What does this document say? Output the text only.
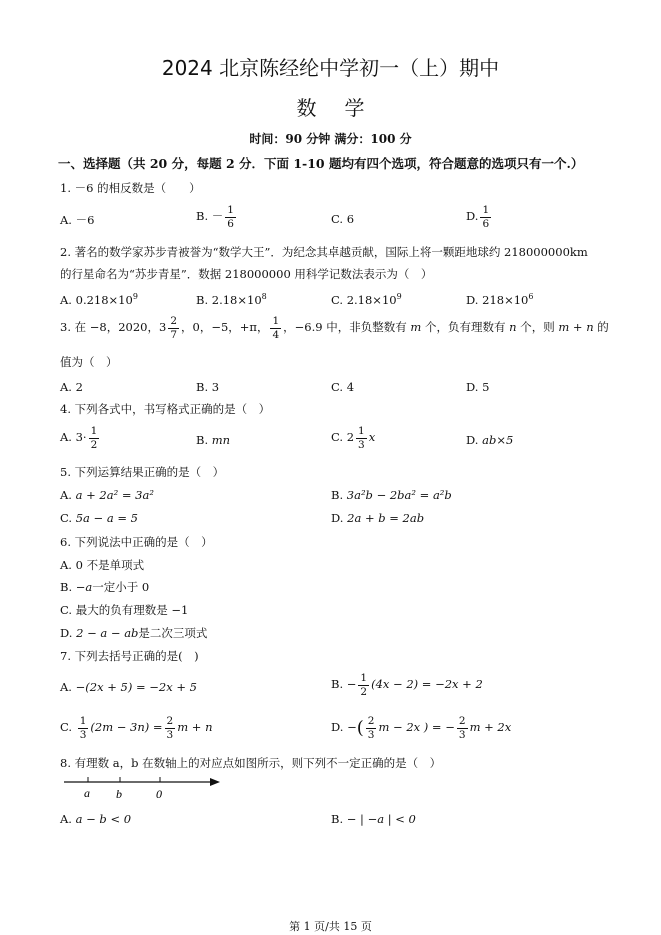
2024 北京陈经纶中学初一（上）期中
数学
时间：90 分钟 满分：100 分
一、选择题（共 20 分，每题 2 分．下面 1-10 题均有四个选项，符合题意的选项只有一个.）
1. －6 的相反数是（　　）
A. －6	B. － $\frac{1}{6}$	C. 6	D. $\frac{1}{6}$
2. 著名的数学家苏步青被誉为“数学大王”．为纪念其卓越贡献，国际上将一颗距地球约 218000000km
的行星命名为“苏步青星”．数据 218000000 用科学记数法表示为（　）
A. $0.218\times 10^9$	B. $2.18\times 10^8$	C. $2.18\times 10^9$	D. $218\times 10^6$
3. 在 −8，2020，$3 \frac{2}{7}$ ，0，−5，+π， $\frac{1}{4}$ ，−6.9 中，非负整数有 m 个，负有理数有 n 个，则 m + n 的
值为（　）
A. 2	B. 3	C. 4	D. 5
4. 下列各式中，书写格式正确的是（　）
A. $3\cdot \frac{1}{2}$	B. mn	C. $2 \frac{1}{3}$ x	D. ab×5
5. 下列运算结果正确的是（　）
A. a + 2a² = 3a²	B. 3a²b − 2ba² = a²b
C. 5a − a = 5	D. 2a + b = 2ab
6. 下列说法中正确的是（　）
A. 0 不是单项式
B. −a一定小于 0
C. 最大的负有理数是 −1
D. 2 − a − ab是二次三项式
7. 下列去括号正确的是(　)
A. −(2x + 5) = −2x + 5	B. − $\frac{1}{2} (4x - 2) = -2x + 2$
C. $\frac{1}{3} (2m - 3n) = \frac{2}{3}$ m + n	D. −( $\frac{2}{3}$ m − 2x ) = − $\frac{2}{3}$ m + 2x
8. 有理数 a，b 在数轴上的对应点如图所示，则下列不一定正确的是（　）
a b	0
A. a − b < 0	B. − | −a | < 0
第 1 页/共 15 页
